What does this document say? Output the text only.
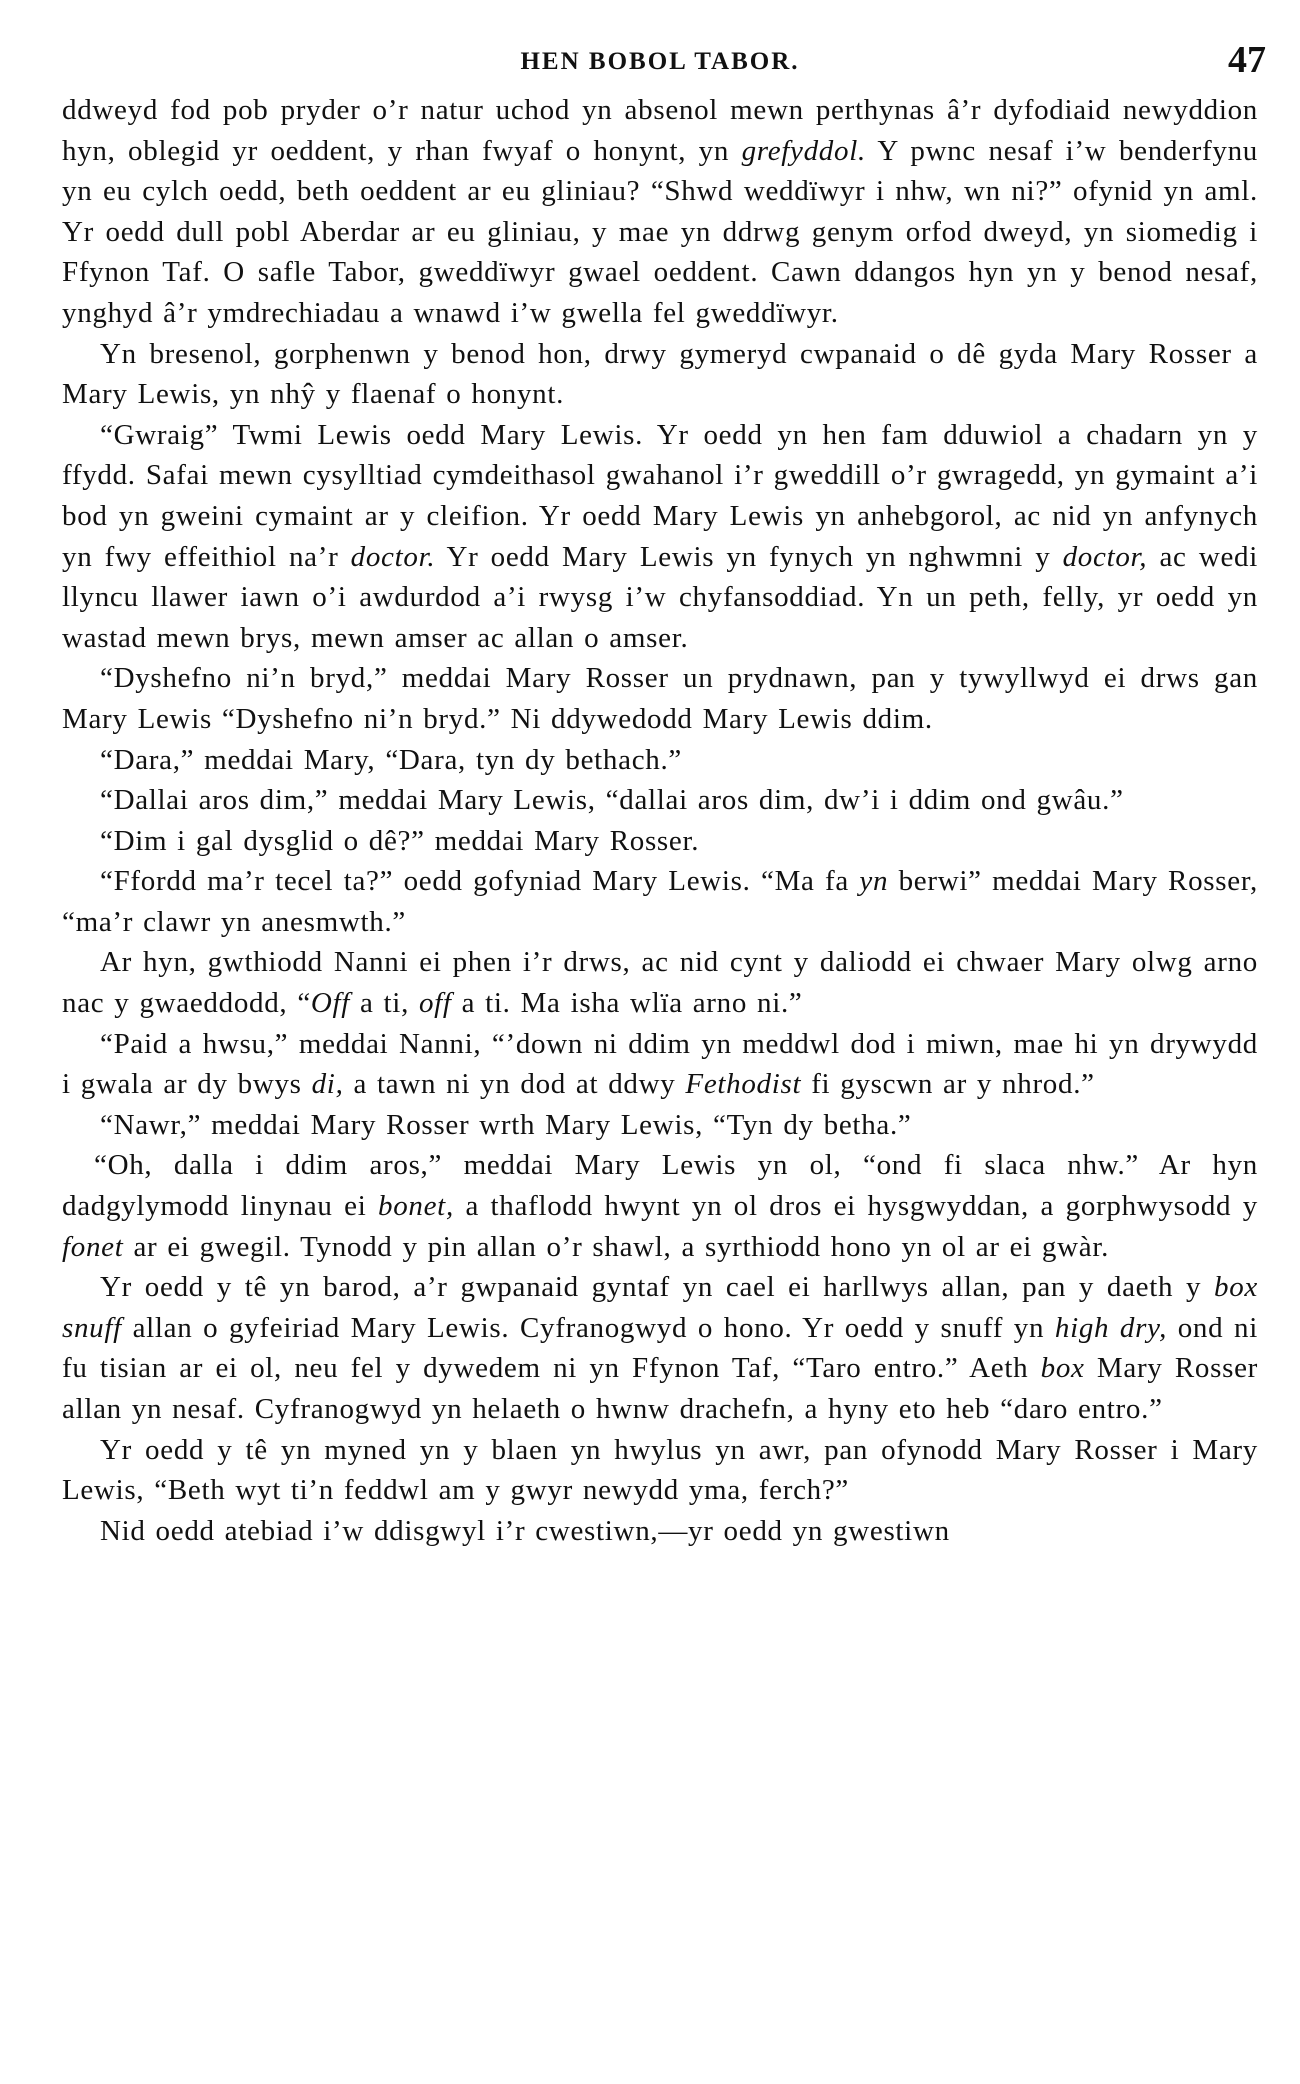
HEN BOBOL TABOR.	47

ddweyd fod pob pryder o’r natur uchod yn absenol mewn perthynas â’r dyfodiaid newyddion hyn, oblegid yr oeddent, y rhan fwyaf o honynt, yn grefyddol. Y pwnc nesaf i’w benderfynu yn eu cylch oedd, beth oeddent ar eu gliniau? “Shwd weddïwyr i nhw, wn ni?” ofynid yn aml. Yr oedd dull pobl Aberdar ar eu gliniau, y mae yn ddrwg genym orfod dweyd, yn siomedig i Ffynon Taf. O safle Tabor, gweddïwyr gwael oeddent. Cawn ddangos hyn yn y benod nesaf, ynghyd â’r ymdrechiadau a wnawd i’w gwella fel gweddïwyr.

Yn bresenol, gorphenwn y benod hon, drwy gymeryd cwpanaid o dê gyda Mary Rosser a Mary Lewis, yn nhŷ y flaenaf o honynt.

“Gwraig” Twmi Lewis oedd Mary Lewis. Yr oedd yn hen fam dduwiol a chadarn yn y ffydd. Safai mewn cysylltiad cymdeithasol gwahanol i’r gweddill o’r gwragedd, yn gymaint a’i bod yn gweini cymaint ar y cleifion. Yr oedd Mary Lewis yn anhebgorol, ac nid yn anfynych yn fwy effeithiol na’r doctor. Yr oedd Mary Lewis yn fynych yn nghwmni y doctor, ac wedi llyncu llawer iawn o’i awdurdod a’i rwysg i’w chyfansoddiad. Yn un peth, felly, yr oedd yn wastad mewn brys, mewn amser ac allan o amser.

“Dyshefno ni’n bryd,” meddai Mary Rosser un prydnawn, pan y tywyllwyd ei drws gan Mary Lewis “Dyshefno ni’n bryd.” Ni ddywedodd Mary Lewis ddim.

“Dara,” meddai Mary, “Dara, tyn dy bethach.”

“Dallai aros dim,” meddai Mary Lewis, “dallai aros dim, dw’i i ddim ond gwâu.”

“Dim i gal dysglid o dê?” meddai Mary Rosser.

“Ffordd ma’r tecel ta?” oedd gofyniad Mary Lewis. “Ma fa yn berwi” meddai Mary Rosser, “ma’r clawr yn anesmwth.”

Ar hyn, gwthiodd Nanni ei phen i’r drws, ac nid cynt y daliodd ei chwaer Mary olwg arno nac y gwaeddodd, “Off a ti, off a ti. Ma isha wlïa arno ni.”

“Paid a hwsu,” meddai Nanni, “’down ni ddim yn meddwl dod i miwn, mae hi yn drywydd i gwala ar dy bwys di, a tawn ni yn dod at ddwy Fethodist fi gyscwn ar y nhrod.”

“Nawr,” meddai Mary Rosser wrth Mary Lewis, “Tyn dy betha.”

“Oh, dalla i ddim aros,” meddai Mary Lewis yn ol, “ond fi slaca nhw.” Ar hyn dadgylymodd linynau ei bonet, a thaflodd hwynt yn ol dros ei hysgwyddan, a gorphwysodd y fonet ar ei gwegil. Tynodd y pin allan o’r shawl, a syrthiodd hono yn ol ar ei gwàr.

Yr oedd y tê yn barod, a’r gwpanaid gyntaf yn cael ei harllwys allan, pan y daeth y box snuff allan o gyfeiriad Mary Lewis. Cyfranogwyd o hono. Yr oedd y snuff yn high dry, ond ni fu tisian ar ei ol, neu fel y dywedem ni yn Ffynon Taf, “Taro entro.” Aeth box Mary Rosser allan yn nesaf. Cyfranogwyd yn helaeth o hwnw drachefn, a hyny eto heb “daro entro.”

Yr oedd y tê yn myned yn y blaen yn hwylus yn awr, pan ofynodd Mary Rosser i Mary Lewis, “Beth wyt ti’n feddwl am y gwyr newydd yma, ferch?”

Nid oedd atebiad i’w ddisgwyl i’r cwestiwn,—yr oedd yn gwestiwn
